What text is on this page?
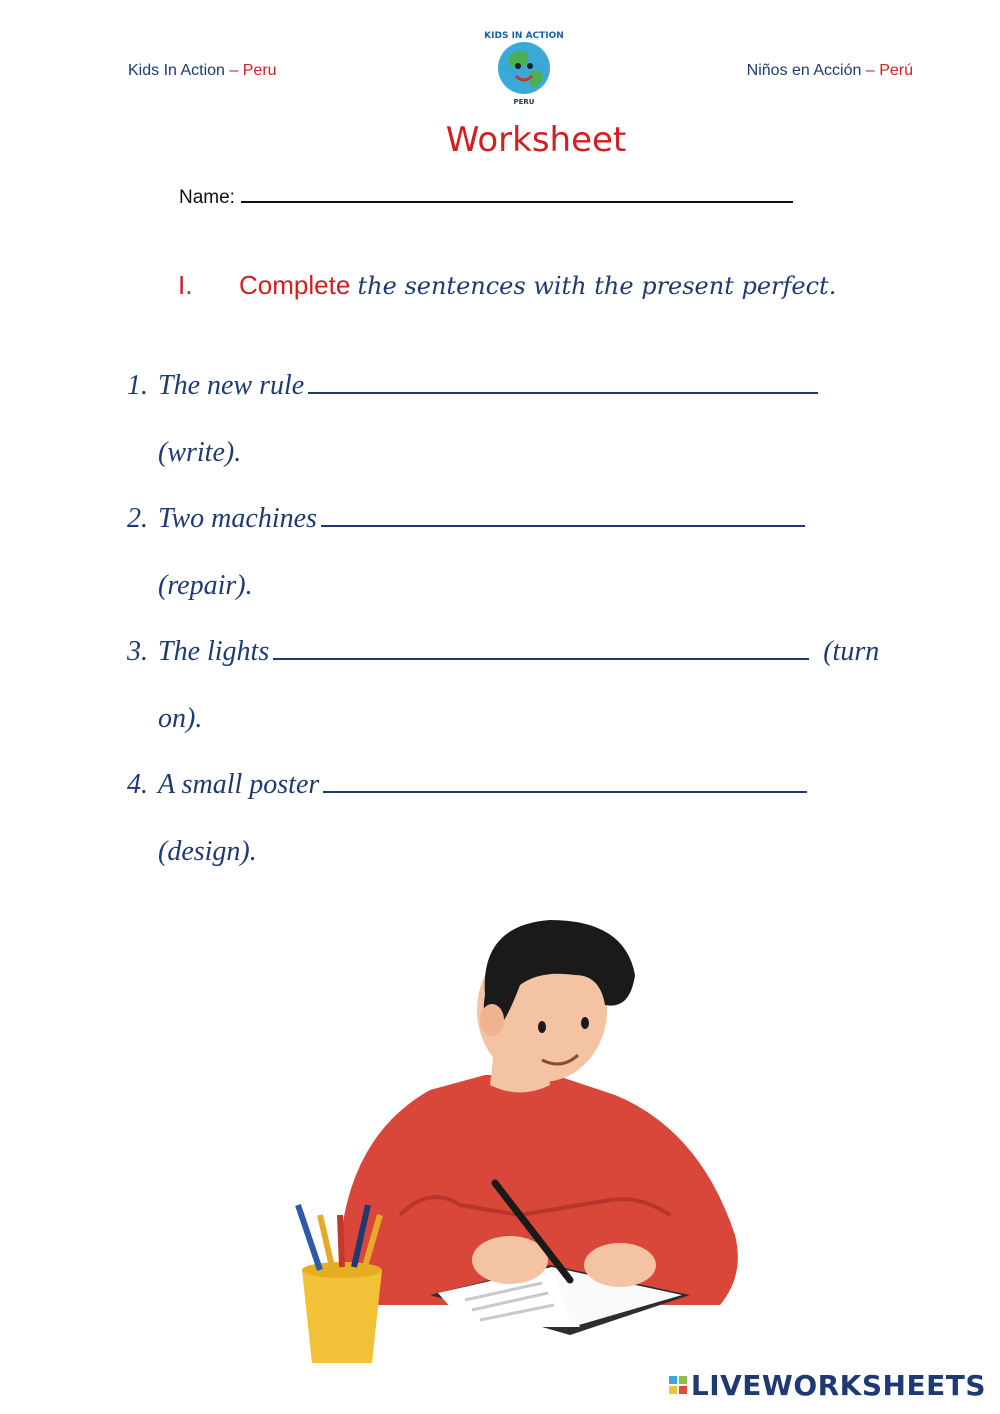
Kids In Action – Peru
KIDS IN ACTION
PERU
Niños en Acción – Perú
Worksheet
Name:
I. Complete the sentences with the present perfect.
1. The new rule
(write).
2. Two machines
(repair).
3. The lights	(turn
on).
4. A small poster
(design).
LIVEWORKSHEETS
